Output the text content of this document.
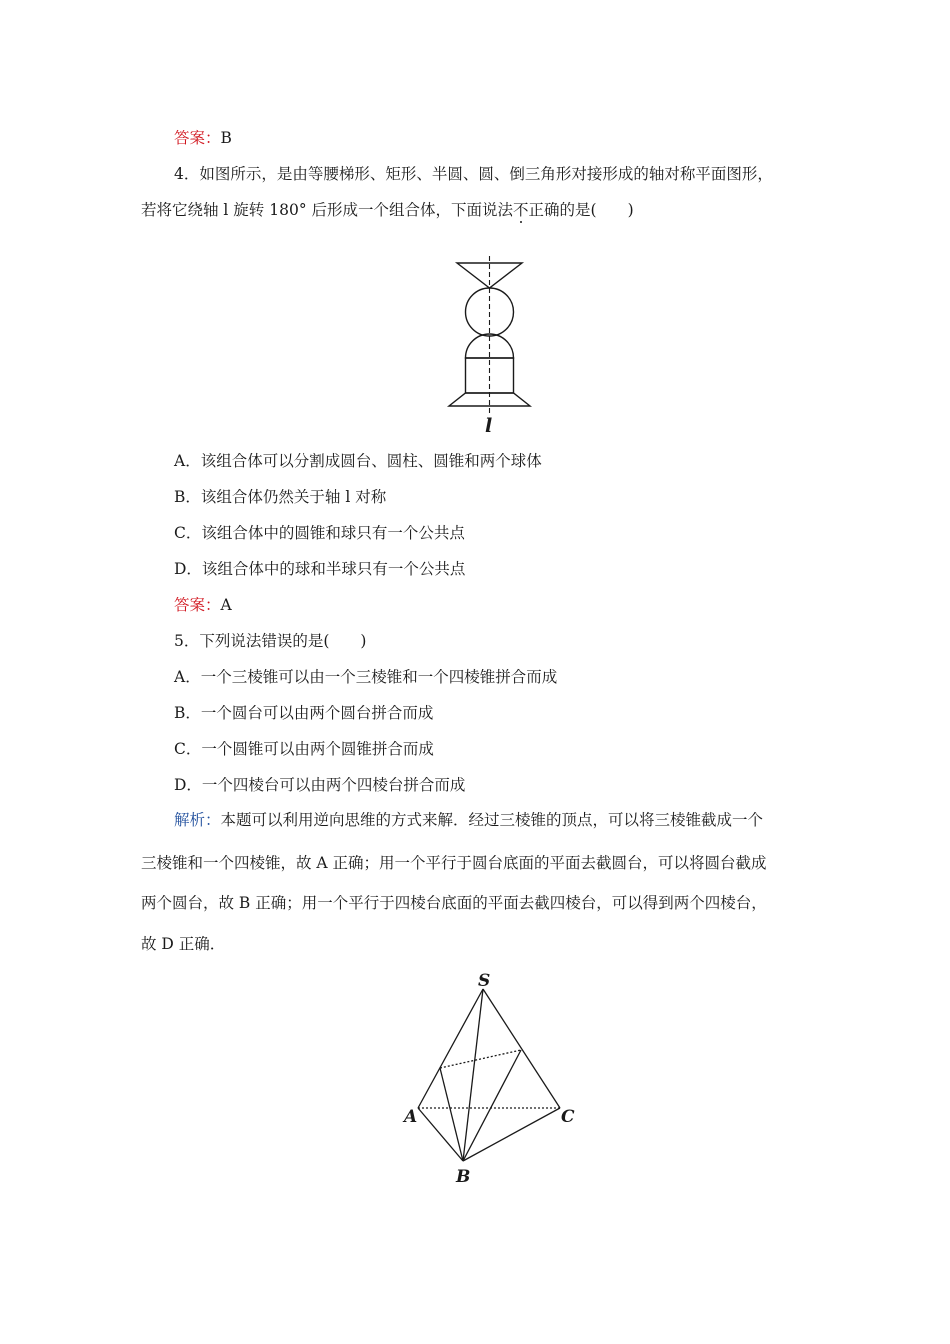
答案：B
4．如图所示，是由等腰梯形、矩形、半圆、圆、倒三角形对接形成的轴对称平面图形，
若将它绕轴 l 旋转 180° 后形成一个组合体，下面说法不正确的是(　　)
l
A．该组合体可以分割成圆台、圆柱、圆锥和两个球体
B．该组合体仍然关于轴 l 对称
C．该组合体中的圆锥和球只有一个公共点
D．该组合体中的球和半球只有一个公共点
答案：A
5．下列说法错误的是(　　)
A．一个三棱锥可以由一个三棱锥和一个四棱锥拼合而成
B．一个圆台可以由两个圆台拼合而成
C．一个圆锥可以由两个圆锥拼合而成
D．一个四棱台可以由两个四棱台拼合而成
解析：本题可以利用逆向思维的方式来解．经过三棱锥的顶点，可以将三棱锥截成一个
三棱锥和一个四棱锥，故 A 正确；用一个平行于圆台底面的平面去截圆台，可以将圆台截成
两个圆台，故 B 正确；用一个平行于四棱台底面的平面去截四棱台，可以得到两个四棱台，
故 D 正确．
S
A	C
B
